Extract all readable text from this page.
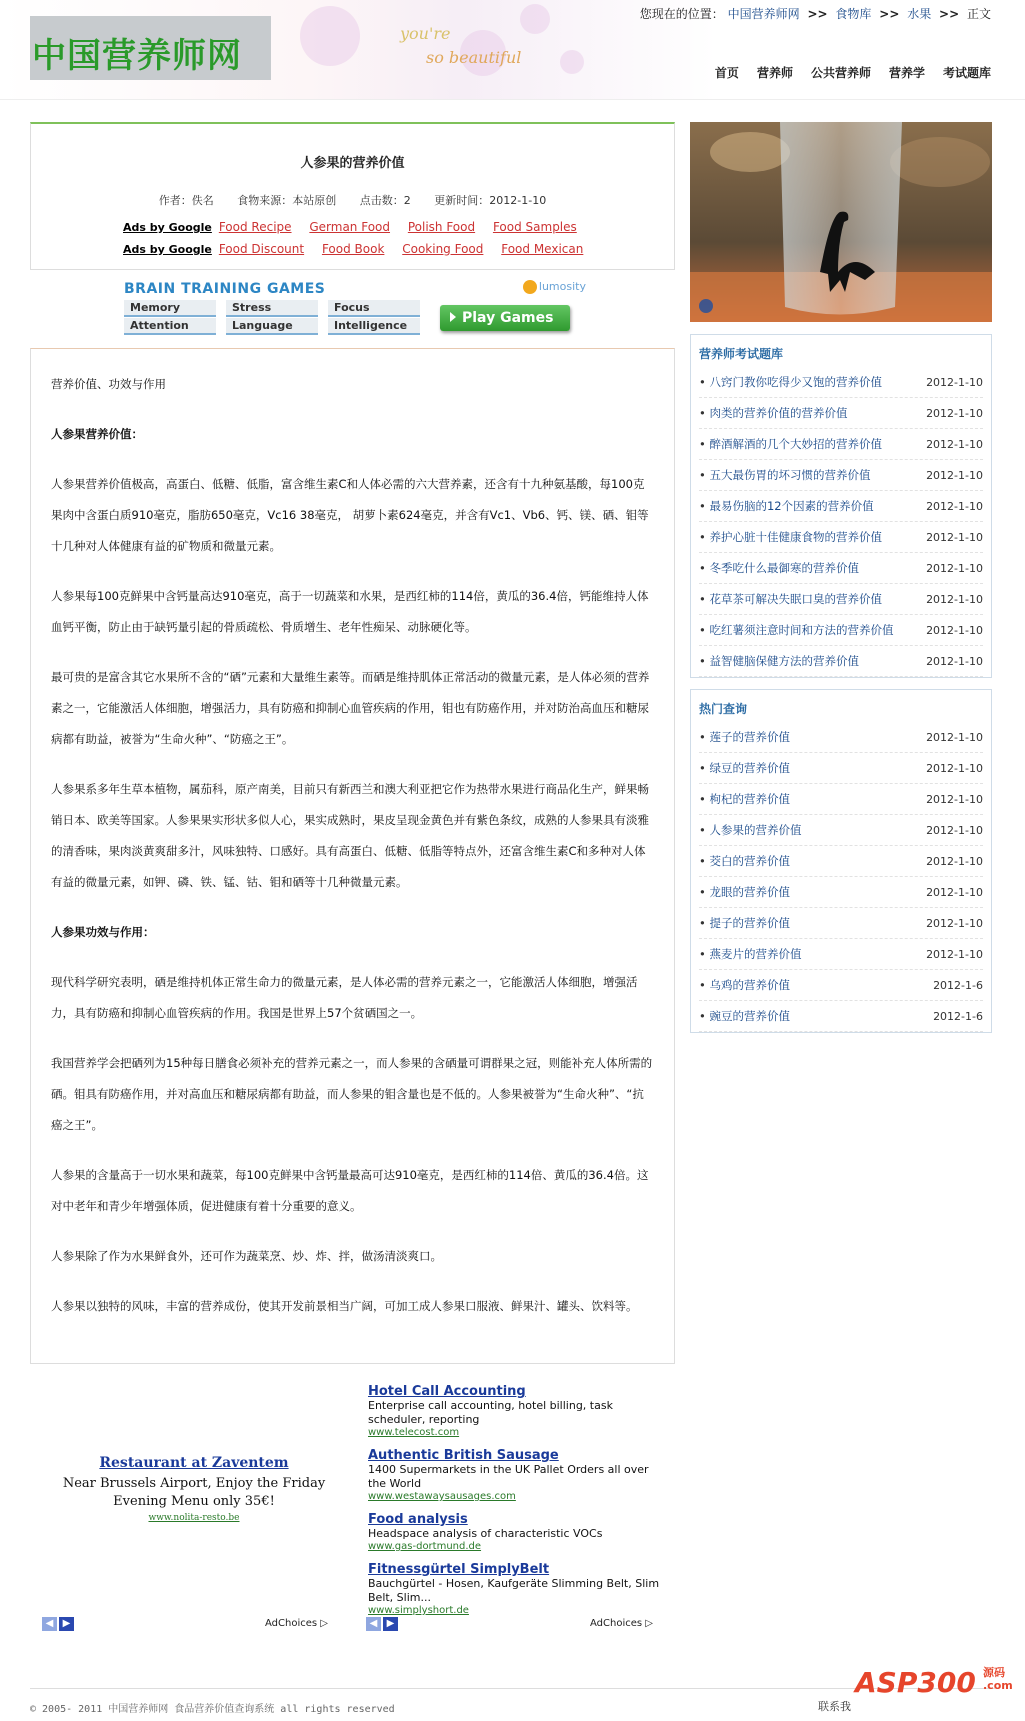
中国营养师网
you're
so beautiful
您现在的位置： 中国营养师网 >> 食物库 >> 水果 >> 正文
首页 营养师 公共营养师 营养学 考试题库
人参果的营养价值
作者：佚名 食物来源：本站原创 点击数：2 更新时间：2012-1-10
Ads by Google Food Recipe German Food Polish Food Food Samples
Ads by Google Food Discount Food Book Cooking Food Food Mexican
BRAIN TRAINING GAMES	lumosity
Memory	Stress	Focus
Attention	Language	Intelligence	Play Games

营养价值、功效与作用

人参果营养价值：

人参果营养价值极高，高蛋白、低糖、低脂，富含维生素C和人体必需的六大营养素，还含有十九种氨基酸，每100克果肉中含蛋白质910毫克，脂肪650毫克，Vc16 38毫克， 胡萝卜素624毫克，并含有Vc1、Vb6、钙、镁、硒、钼等十几种对人体健康有益的矿物质和微量元素。

人参果每100克鲜果中含钙量高达910毫克，高于一切蔬菜和水果，是西红柿的114倍，黄瓜的36.4倍，钙能维持人体血钙平衡，防止由于缺钙量引起的骨质疏松、骨质增生、老年性痴呆、动脉硬化等。

最可贵的是富含其它水果所不含的“硒”元素和大量维生素等。而硒是维持肌体正常活动的微量元素，是人体必须的营养素之一，它能激活人体细胞，增强活力，具有防癌和抑制心血管疾病的作用，钼也有防癌作用，并对防治高血压和糖尿病都有助益，被誉为“生命火种”、“防癌之王”。

人参果系多年生草本植物，属茄科，原产南美，目前只有新西兰和澳大利亚把它作为热带水果进行商品化生产，鲜果畅销日本、欧美等国家。人参果果实形状多似人心，果实成熟时，果皮呈现金黄色并有紫色条纹，成熟的人参果具有淡雅的清香味，果肉淡黄爽甜多汁，风味独特、口感好。具有高蛋白、低糖、低脂等特点外，还富含维生素C和多种对人体有益的微量元素，如钾、磷、铁、锰、钴、钼和硒等十几种微量元素。

人参果功效与作用：

现代科学研究表明，硒是维持机体正常生命力的微量元素，是人体必需的营养元素之一，它能激活人体细胞，增强活力，具有防癌和抑制心血管疾病的作用。我国是世界上57个贫硒国之一。

我国营养学会把硒列为15种每日膳食必须补充的营养元素之一，而人参果的含硒量可谓群果之冠，则能补充人体所需的硒。钼具有防癌作用，并对高血压和糖尿病都有助益，而人参果的钼含量也是不低的。人参果被誉为“生命火种”、“抗癌之王”。

人参果的含量高于一切水果和蔬菜，每100克鲜果中含钙量最高可达910毫克，是西红柿的114倍、黄瓜的36.4倍。这对中老年和青少年增强体质，促进健康有着十分重要的意义。

人参果除了作为水果鲜食外，还可作为蔬菜烹、炒、炸、拌，做汤清淡爽口。

人参果以独特的风味，丰富的营养成份，使其开发前景相当广阔，可加工成人参果口服液、鲜果汁、罐头、饮料等。

营养师考试题库
• 八窍门教你吃得少又饱的营养价值	2012-1-10
• 肉类的营养价值的营养价值	2012-1-10
• 醉酒解酒的几个大妙招的营养价值	2012-1-10
• 五大最伤胃的坏习惯的营养价值	2012-1-10
• 最易伤脑的12个因素的营养价值	2012-1-10
• 养护心脏十佳健康食物的营养价值	2012-1-10
• 冬季吃什么最御寒的营养价值	2012-1-10
• 花草茶可解决失眠口臭的营养价值	2012-1-10
• 吃红薯须注意时间和方法的营养价值	2012-1-10
• 益智健脑保健方法的营养价值	2012-1-10
热门查询
• 莲子的营养价值	2012-1-10
• 绿豆的营养价值	2012-1-10
• 枸杞的营养价值	2012-1-10
• 人参果的营养价值	2012-1-10
• 茭白的营养价值	2012-1-10
• 龙眼的营养价值	2012-1-10
• 提子的营养价值	2012-1-10
• 燕麦片的营养价值	2012-1-10
• 乌鸡的营养价值	2012-1-6
• 豌豆的营养价值	2012-1-6
Restaurant at Zaventem
Near Brussels Airport, Enjoy the Friday Evening Menu only 35€!
www.nolita-resto.be
Hotel Call Accounting
Enterprise call accounting, hotel billing, task scheduler, reporting
www.telecost.com
Authentic British Sausage
1400 Supermarkets in the UK Pallet Orders all over the World
www.westawaysausages.com
Food analysis
Headspace analysis of characteristic VOCs
www.gas-dortmund.de
Fitnessgürtel SimplyBelt
Bauchgürtel - Hosen, Kaufgeräte Slimming Belt, Slim Belt, Slim...
www.simplyshort.de
◀ ▶	AdChoices ▷	◀ ▶	AdChoices ▷
© 2005- 2011 中国营养师网 食品营养价值查询系统 all rights reserved	联系我
ASP300 源码
.com
